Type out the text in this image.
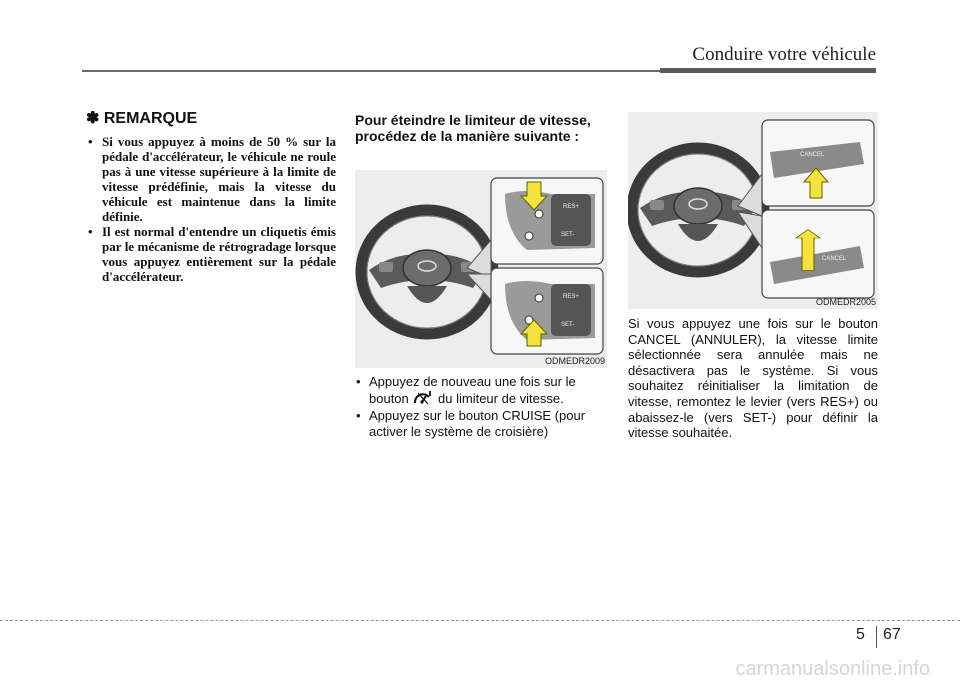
Conduire votre véhicule
✽ REMARQUE
• Si vous appuyez à moins de 50 % sur la pédale d'accélérateur, le véhicule ne roule pas à une vitesse supérieure à la limite de vitesse prédéfinie, mais la vitesse du véhicule est maintenue dans la limite définie.
• Il est normal d'entendre un cliquetis émis par le mécanisme de rétrogradage lorsque vous appuyez entièrement sur la pédale d'accélérateur.
Pour éteindre le limiteur de vitesse, procédez de la manière suivante :
RES+
SET-
RES+
SET-
ODMEDR2009
• Appuyez de nouveau une fois sur le bouton du limiteur de vitesse.
• Appuyez sur le bouton CRUISE (pour activer le système de croisière)
CANCEL
CANCEL
ODMEDR2005
Si vous appuyez une fois sur le bouton CANCEL (ANNULER), la vitesse limite sélectionnée sera annulée mais ne désactivera pas le système. Si vous souhaitez réinitialiser la limitation de vitesse, remontez le levier (vers RES+) ou abaissez-le (vers SET-) pour définir la vitesse souhaitée.
5 67
carmanualsonline.info
